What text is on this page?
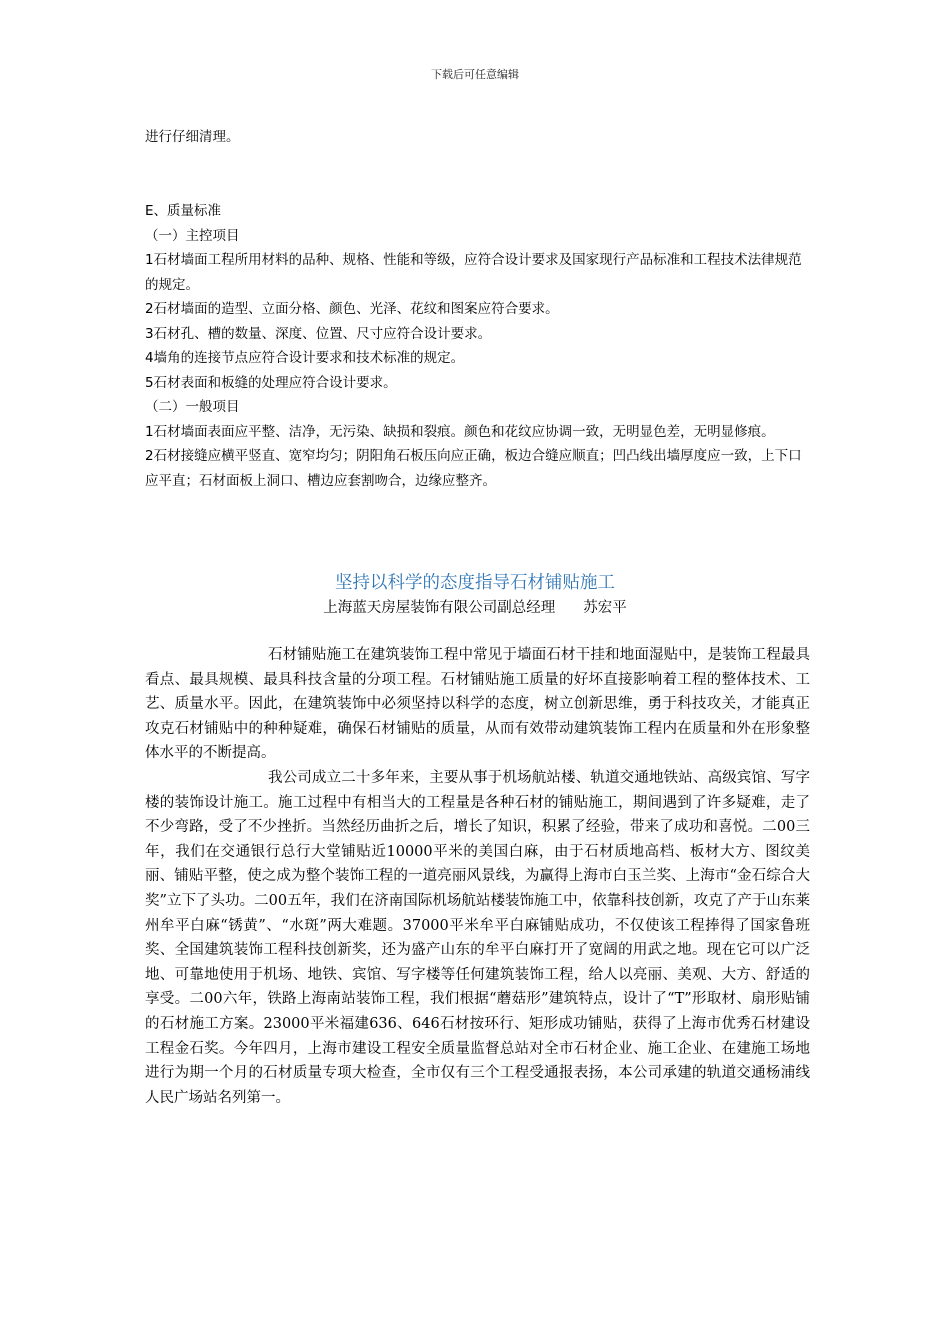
下载后可任意编辑

进行仔细清理。

E、质量标准

（一）主控项目

1石材墙面工程所用材料的品种、规格、性能和等级，应符合设计要求及国家现行产品标准和工程技术法律规范的规定。

2石材墙面的造型、立面分格、颜色、光泽、花纹和图案应符合要求。

3石材孔、槽的数量、深度、位置、尺寸应符合设计要求。

4墙角的连接节点应符合设计要求和技术标准的规定。

5石材表面和板缝的处理应符合设计要求。

（二）一般项目

1石材墙面表面应平整、洁净，无污染、缺损和裂痕。颜色和花纹应协调一致，无明显色差，无明显修痕。

2石材接缝应横平竖直、宽窄均匀；阴阳角石板压向应正确，板边合缝应顺直；凹凸线出墙厚度应一致，上下口应平直；石材面板上洞口、槽边应套割吻合，边缘应整齐。

坚持以科学的态度指导石材铺贴施工
上海蓝天房屋装饰有限公司副总经理 苏宏平

石材铺贴施工在建筑装饰工程中常见于墙面石材干挂和地面湿贴中，是装饰工程最具看点、最具规模、最具科技含量的分项工程。石材铺贴施工质量的好坏直接影响着工程的整体技术、工艺、质量水平。因此，在建筑装饰中必须坚持以科学的态度，树立创新思维，勇于科技攻关，才能真正攻克石材铺贴中的种种疑难，确保石材铺贴的质量，从而有效带动建筑装饰工程内在质量和外在形象整体水平的不断提高。

我公司成立二十多年来，主要从事于机场航站楼、轨道交通地铁站、高级宾馆、写字楼的装饰设计施工。施工过程中有相当大的工程量是各种石材的铺贴施工，期间遇到了许多疑难，走了不少弯路，受了不少挫折。当然经历曲折之后，增长了知识，积累了经验，带来了成功和喜悦。二00三年，我们在交通银行总行大堂铺贴近10000平米的美国白麻，由于石材质地高档、板材大方、图纹美丽、铺贴平整，使之成为整个装饰工程的一道亮丽风景线，为赢得上海市白玉兰奖、上海市“金石综合大奖”立下了头功。二00五年，我们在济南国际机场航站楼装饰施工中，依靠科技创新，攻克了产于山东莱州牟平白麻“锈黄”、“水斑”两大难题。37000平米牟平白麻铺贴成功，不仅使该工程捧得了国家鲁班奖、全国建筑装饰工程科技创新奖，还为盛产山东的牟平白麻打开了宽阔的用武之地。现在它可以广泛地、可靠地使用于机场、地铁、宾馆、写字楼等任何建筑装饰工程，给人以亮丽、美观、大方、舒适的享受。二00六年，铁路上海南站装饰工程，我们根据“蘑菇形”建筑特点，设计了“T”形取材、扇形贴铺的石材施工方案。23000平米福建636、646石材按环行、矩形成功铺贴，获得了上海市优秀石材建设工程金石奖。今年四月，上海市建设工程安全质量监督总站对全市石材企业、施工企业、在建施工场地进行为期一个月的石材质量专项大检查，全市仅有三个工程受通报表扬，本公司承建的轨道交通杨浦线人民广场站名列第一。
